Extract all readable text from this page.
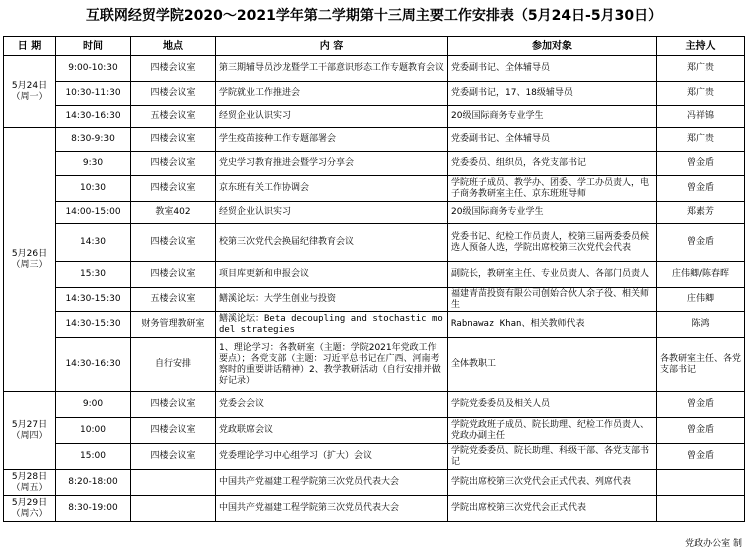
互联网经贸学院2020～2021学年第二学期第十三周主要工作安排表（5月24日-5月30日）
日 期	时间	地点	内 容	参加对象	主持人
5月24日
（周一）	9:00-10:30	四楼会议室	第三期辅导员沙龙暨学工干部意识形态工作专题教育会议	党委副书记、全体辅导员	郑广贵
	10:30-11:30	四楼会议室	学院就业工作推进会	党委副书记，17、18级辅导员	郑广贵
	14:30-16:30	五楼会议室	经贸企业认识实习	20级国际商务专业学生	冯祥锦
5月26日
（周三）	8:30-9:30	四楼会议室	学生疫苗接种工作专题部署会	党委副书记、全体辅导员	郑广贵
	9:30	四楼会议室	党史学习教育推进会暨学习分享会	党委委员、组织员，各党支部书记	曾金盾
	10:30	四楼会议室	京东班有关工作协调会	学院班子成员、教学办、团委、学工办员责人，电子商务教研室主任、京东班班导师	曾金盾
	14:00-15:00	教室402	经贸企业认识实习	20级国际商务专业学生	郑素芳
	14:30	四楼会议室	校第三次党代会换届纪律教育会议	党委书记、纪检工作员责人，校第三届两委委员候选人预备人选，学院出席校第三次党代会代表	曾金盾
	15:30	四楼会议室	项目库更新和申报会议	副院长，教研室主任、专业员责人、各部门员责人	庄伟卿/陈春晖
	14:30-15:30	五楼会议室	鳝溪论坛：大学生创业与投资	福建青苗投资有限公司创始合伙人余子役、相关师生	庄伟卿
	14:30-15:30	财务管理教研室	鳝溪论坛：Beta decoupling and stochastic model strategies	Rabnawaz Khan、相关教师代表	陈鸿
	14:30-16:30	自行安排	1、理论学习：各教研室（主题：学院2021年党政工作要点）；各党支部（主题：习近平总书记在广西、河南考察时的重要讲话精神）2、教学教研活动（自行安排并做好记录）	全体教职工	各教研室主任、各党支部书记
5月27日
（周四）	9:00	四楼会议室	党委会会议	学院党委委员及相关人员	曾金盾
	10:00	四楼会议室	党政联席会议	学院党政班子成员、院长助理、纪检工作员责人、党政办副主任	曾金盾
	15:00	四楼会议室	党委理论学习中心组学习（扩大）会议	学院党委委员、院长助理、科级干部、各党支部书记	曾金盾
5月28日
（周五）	8:20-18:00		中国共产党福建工程学院第三次党员代表大会	学院出席校第三次党代会正式代表、列席代表	
5月29日
（周六）	8:30-19:00		中国共产党福建工程学院第三次党员代表大会	学院出席校第三次党代会正式代表	
党政办公室 制
